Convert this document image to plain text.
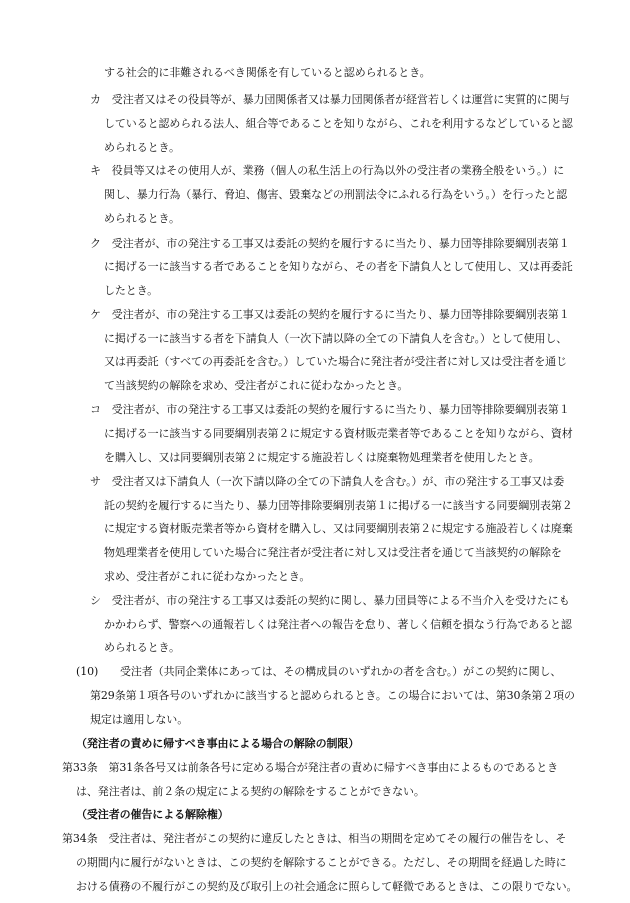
する社会的に非難されるべき関係を有していると認められるとき。
カ　受注者又はその役員等が、暴力団関係者又は暴力団関係者が経営若しくは運営に実質的に関与
していると認められる法人、組合等であることを知りながら、これを利用するなどしていると認
められるとき。
キ　役員等又はその使用人が、業務（個人の私生活上の行為以外の受注者の業務全般をいう。）に
関し、暴力行為（暴行、脅迫、傷害、毀棄などの刑罰法令にふれる行為をいう。）を行ったと認
められるとき。
ク　受注者が、市の発注する工事又は委託の契約を履行するに当たり、暴力団等排除要綱別表第１
に掲げる一に該当する者であることを知りながら、その者を下請負人として使用し、又は再委託
したとき。
ケ　受注者が、市の発注する工事又は委託の契約を履行するに当たり、暴力団等排除要綱別表第１
に掲げる一に該当する者を下請負人（一次下請以降の全ての下請負人を含む。）として使用し、
又は再委託（すべての再委託を含む。）していた場合に発注者が受注者に対し又は受注者を通じ
て当該契約の解除を求め、受注者がこれに従わなかったとき。
コ　受注者が、市の発注する工事又は委託の契約を履行するに当たり、暴力団等排除要綱別表第１
に掲げる一に該当する同要綱別表第２に規定する資材販売業者等であることを知りながら、資材
を購入し、又は同要綱別表第２に規定する施設若しくは廃棄物処理業者を使用したとき。
サ　受注者又は下請負人（一次下請以降の全ての下請負人を含む。）が、市の発注する工事又は委
託の契約を履行するに当たり、暴力団等排除要綱別表第１に掲げる一に該当する同要綱別表第２
に規定する資材販売業者等から資材を購入し、又は同要綱別表第２に規定する施設若しくは廃棄
物処理業者を使用していた場合に発注者が受注者に対し又は受注者を通じて当該契約の解除を
求め、受注者がこれに従わなかったとき。
シ　受注者が、市の発注する工事又は委託の契約に関し、暴力団員等による不当介入を受けたにも
かかわらず、警察への通報若しくは発注者への報告を怠り、著しく信頼を損なう行為であると認
められるとき。
(10)　　受注者（共同企業体にあっては、その構成員のいずれかの者を含む。）がこの契約に関し、
第29条第１項各号のいずれかに該当すると認められるとき。この場合においては、第30条第２項の
規定は適用しない。
（発注者の責めに帰すべき事由による場合の解除の制限）
第33条　第31条各号又は前条各号に定める場合が発注者の責めに帰すべき事由によるものであるとき
は、発注者は、前２条の規定による契約の解除をすることができない。
（受注者の催告による解除権）
第34条　受注者は、発注者がこの契約に違反したときは、相当の期間を定めてその履行の催告をし、そ
の期間内に履行がないときは、この契約を解除することができる。ただし、その期間を経過した時に
おける債務の不履行がこの契約及び取引上の社会通念に照らして軽微であるときは、この限りでない。
